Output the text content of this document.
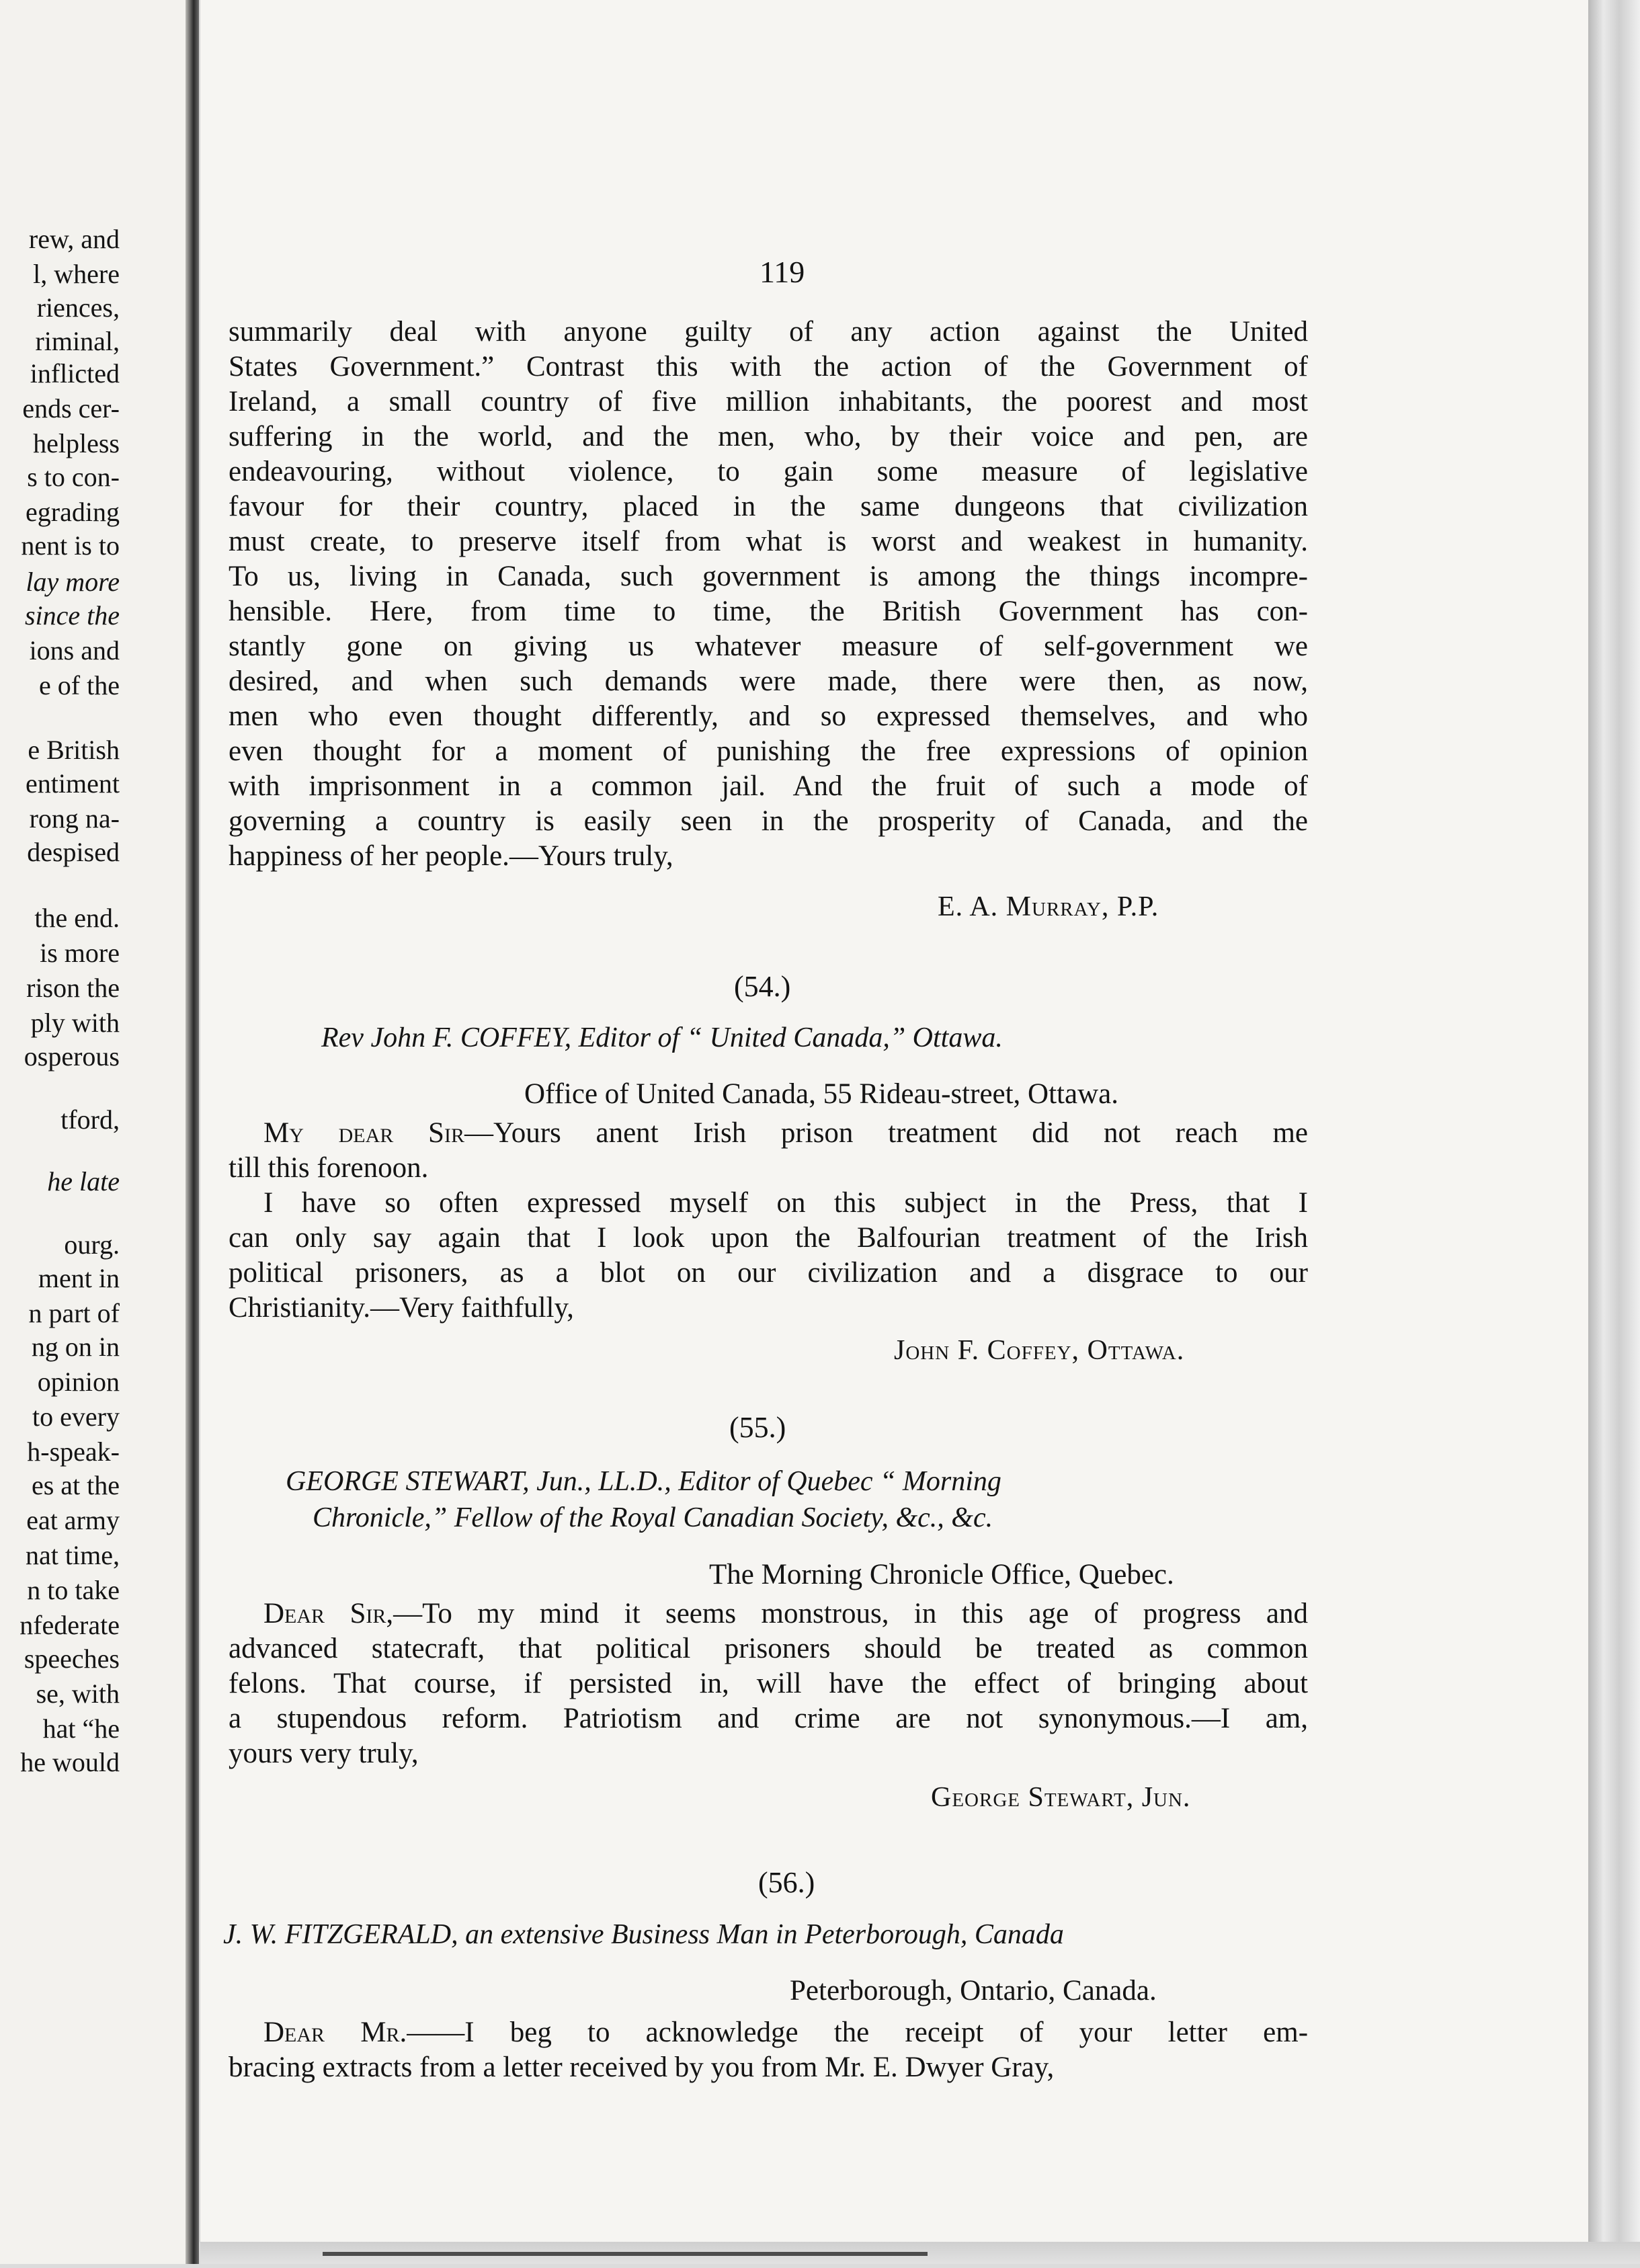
rew, and
l, where
riences,
riminal,
inflicted
ends cer-
helpless
s to con-
egrading
nent is to
lay more
since the
ions and
e of the
e British
entiment
rong na-
despised
the end.
is more
rison the
ply with
osperous
tford,
he late
ourg.
ment in
n part of
ng on in
opinion
to every
h-speak-
es at the
eat army
nat time,
n to take
nfederate
speeches
se, with
hat “he
he would
119
summarily deal with anyone guilty of any action against the United
States Government.” Contrast this with the action of the Government of
Ireland, a small country of five million inhabitants, the poorest and most
suffering in the world, and the men, who, by their voice and pen, are
endeavouring, without violence, to gain some measure of legislative
favour for their country, placed in the same dungeons that civilization
must create, to preserve itself from what is worst and weakest in humanity.
To us, living in Canada, such government is among the things incompre-
hensible. Here, from time to time, the British Government has con-
stantly gone on giving us whatever measure of self-government we
desired, and when such demands were made, there were then, as now,
men who even thought differently, and so expressed themselves, and who
even thought for a moment of punishing the free expressions of opinion
with imprisonment in a common jail. And the fruit of such a mode of
governing a country is easily seen in the prosperity of Canada, and the
happiness of her people.—Yours truly,
E. A. Murray, P.P.
(54.)
Rev John F. COFFEY, Editor of “ United Canada,” Ottawa.
Office of United Canada, 55 Rideau-street, Ottawa.
My dear Sir—Yours anent Irish prison treatment did not reach me
till this forenoon.
I have so often expressed myself on this subject in the Press, that I
can only say again that I look upon the Balfourian treatment of the Irish
political prisoners, as a blot on our civilization and a disgrace to our
Christianity.—Very faithfully,
John F. Coffey, Ottawa.
(55.)
GEORGE STEWART, Jun., LL.D., Editor of Quebec “ Morning
Chronicle,” Fellow of the Royal Canadian Society, &c., &c.
The Morning Chronicle Office, Quebec.
Dear Sir,—To my mind it seems monstrous, in this age of progress and
advanced statecraft, that political prisoners should be treated as common
felons. That course, if persisted in, will have the effect of bringing about
a stupendous reform. Patriotism and crime are not synonymous.—I am,
yours very truly,
George Stewart, Jun.
(56.)
J. W. FITZGERALD, an extensive Business Man in Peterborough, Canada
Peterborough, Ontario, Canada.
Dear Mr.——I beg to acknowledge the receipt of your letter em-
bracing extracts from a letter received by you from Mr. E. Dwyer Gray,
